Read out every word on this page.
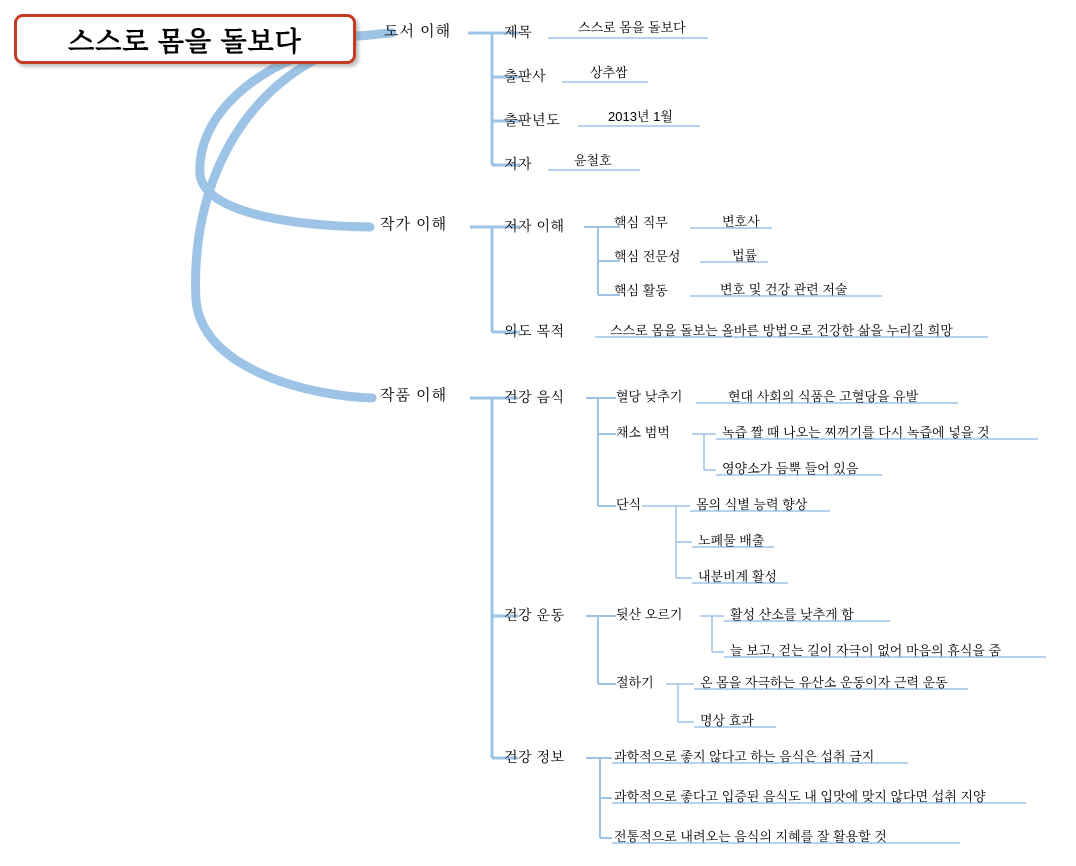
스스로 몸을 돌보다	도서 이해	제목	스스로 몸을 돌보다
출판사	상추쌈
출판년도	2013년 1월
저자	윤철호
작가 이해	저자 이해	핵심 직무	변호사
핵심 전문성	법률
핵심 활동	변호 및 건강 관련 저술
의도 목적	스스로 몸을 돌보는 올바른 방법으로 건강한 삶을 누리길 희망
작품 이해	건강 음식	혈당 낮추기	현대 사회의 식품은 고혈당을 유발
채소 범벅	녹즙 짤 때 나오는 찌꺼기를 다시 녹즙에 넣을 것
영양소가 듬뿍 들어 있음
단식	몸의 식별 능력 향상
노폐물 배출
내분비계 활성
건강 운동	뒷산 오르기	활성 산소를 낮추게 함
늘 보고, 걷는 길이 자극이 없어 마음의 휴식을 줌
절하기	온 몸을 자극하는 유산소 운동이자 근력 운동
명상 효과
건강 정보	과학적으로 좋지 않다고 하는 음식은 섭취 금지
과학적으로 좋다고 입증된 음식도 내 입맛에 맞지 않다면 섭취 지양
전통적으로 내려오는 음식의 지혜를 잘 활용할 것
